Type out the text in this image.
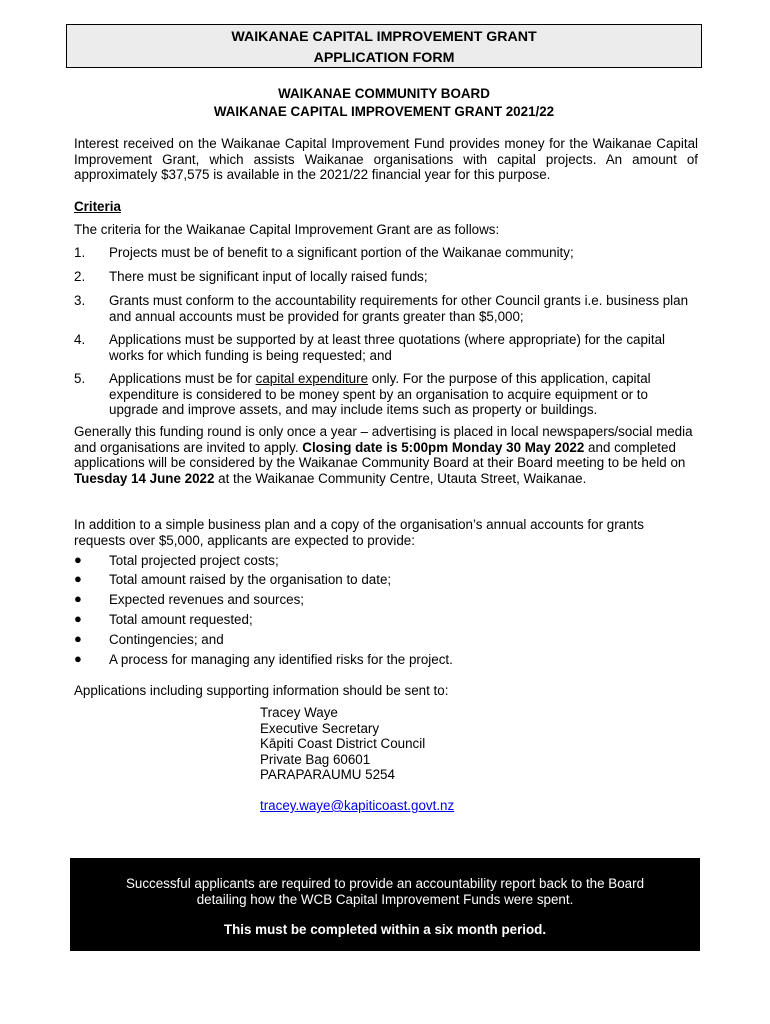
WAIKANAE CAPITAL IMPROVEMENT GRANT
APPLICATION FORM
WAIKANAE COMMUNITY BOARD
WAIKANAE CAPITAL IMPROVEMENT GRANT 2021/22
Interest received on the Waikanae Capital Improvement Fund provides money for the Waikanae Capital Improvement Grant, which assists Waikanae organisations with capital projects. An amount of approximately $37,575 is available in the 2021/22 financial year for this purpose.
Criteria
The criteria for the Waikanae Capital Improvement Grant are as follows:
1. Projects must be of benefit to a significant portion of the Waikanae community;
2. There must be significant input of locally raised funds;
3. Grants must conform to the accountability requirements for other Council grants i.e. business plan and annual accounts must be provided for grants greater than $5,000;
4. Applications must be supported by at least three quotations (where appropriate) for the capital works for which funding is being requested; and
5. Applications must be for capital expenditure only. For the purpose of this application, capital expenditure is considered to be money spent by an organisation to acquire equipment or to upgrade and improve assets, and may include items such as property or buildings.
Generally this funding round is only once a year – advertising is placed in local newspapers/social media and organisations are invited to apply. Closing date is 5:00pm Monday 30 May 2022 and completed applications will be considered by the Waikanae Community Board at their Board meeting to be held on Tuesday 14 June 2022 at the Waikanae Community Centre, Utauta Street, Waikanae.
In addition to a simple business plan and a copy of the organisation’s annual accounts for grants requests over $5,000, applicants are expected to provide:
● Total projected project costs;
● Total amount raised by the organisation to date;
● Expected revenues and sources;
● Total amount requested;
● Contingencies; and
● A process for managing any identified risks for the project.
Applications including supporting information should be sent to:
Tracey Waye
Executive Secretary
Kāpiti Coast District Council
Private Bag 60601
PARAPARAUMU 5254
tracey.waye@kapiticoast.govt.nz
Successful applicants are required to provide an accountability report back to the Board
detailing how the WCB Capital Improvement Funds were spent.
This must be completed within a six month period.
